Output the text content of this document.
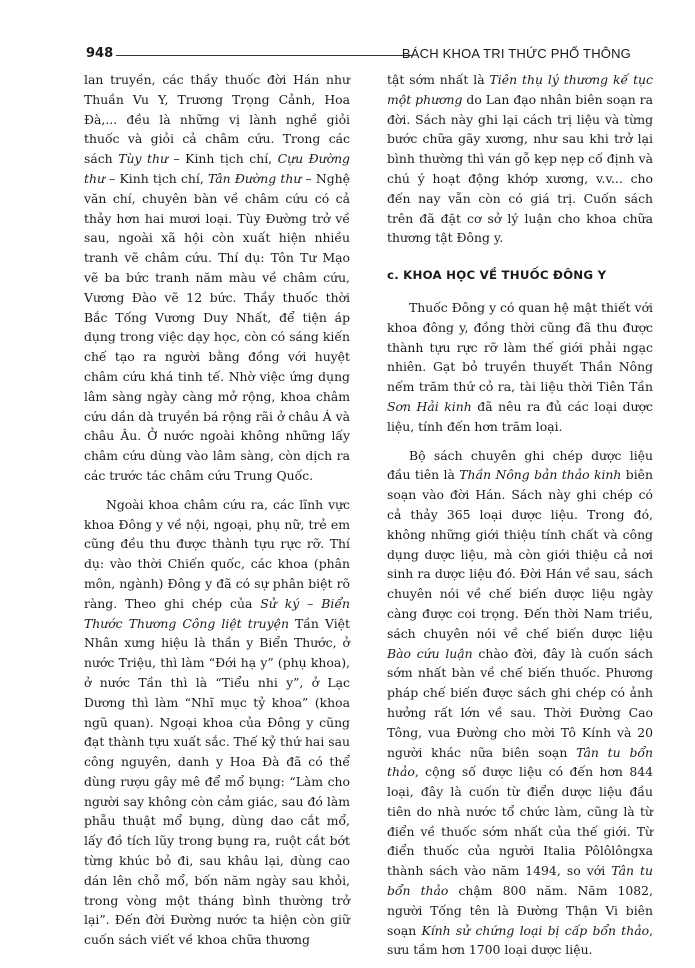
948	BÁCH KHOA TRI THỨC PHỔ THÔNG

lan truyền, các thầy thuốc đời Hán như Thuần Vu Y, Trương Trọng Cảnh, Hoa Đà,... đều là những vị lành nghề giỏi thuốc và giỏi cả châm cứu. Trong các sách Tùy thư – Kinh tịch chí, Cựu Đường thư – Kinh tịch chí, Tân Đường thư – Nghệ văn chí, chuyên bàn về châm cứu có cả thảy hơn hai mươi loại. Tùy Đường trở về sau, ngoài xã hội còn xuất hiện nhiều tranh vẽ châm cứu. Thí dụ: Tôn Tư Mạo vẽ ba bức tranh năm màu về châm cứu, Vương Đào vẽ 12 bức. Thầy thuốc thời Bắc Tống Vương Duy Nhất, để tiện áp dụng trong việc dạy học, còn có sáng kiến chế tạo ra người bằng đồng với huyệt châm cứu khá tinh tế. Nhờ việc ứng dụng lâm sàng ngày càng mở rộng, khoa châm cứu dần dà truyền bá rộng rãi ở châu Á và châu Âu. Ở nước ngoài không những lấy châm cứu dùng vào lâm sàng, còn dịch ra các trước tác châm cứu Trung Quốc.

Ngoài khoa châm cứu ra, các lĩnh vực khoa Đông y về nội, ngoại, phụ nữ, trẻ em cũng đều thu được thành tựu rực rỡ. Thí dụ: vào thời Chiến quốc, các khoa (phân môn, ngành) Đông y đã có sự phân biệt rõ ràng. Theo ghi chép của Sử ký – Biển Thước Thương Công liệt truyện Tần Việt Nhân xưng hiệu là thần y Biển Thước, ở nước Triệu, thì làm “Đới hạ y” (phụ khoa), ở nước Tần thì là “Tiểu nhi y”, ở Lạc Dương thì làm “Nhĩ mục tỷ khoa” (khoa ngũ quan). Ngoại khoa của Đông y cũng đạt thành tựu xuất sắc. Thế kỷ thứ hai sau công nguyên, danh y Hoa Đà đã có thể dùng rượu gây mê để mổ bụng: “Làm cho người say không còn cảm giác, sau đó làm phẫu thuật mổ bụng, dùng dao cắt mổ, lấy đồ tích lũy trong bụng ra, ruột cắt bớt từng khúc bỏ đi, sau khâu lại, dùng cao dán lên chỗ mổ, bốn năm ngày sau khỏi, trong vòng một tháng bình thường trở lại”. Đến đời Đường nước ta hiện còn giữ cuốn sách viết về khoa chữa thương

tật sớm nhất là Tiên thụ lý thương kế tục một phương do Lan đạo nhân biên soạn ra đời. Sách này ghi lại cách trị liệu và từng bước chữa gãy xương, như sau khi trở lại bình thường thì ván gỗ kẹp nẹp cố định và chú ý hoạt động khớp xương, v.v... cho đến nay vẫn còn có giá trị. Cuốn sách trên đã đặt cơ sở lý luận cho khoa chữa thương tật Đông y.

c. KHOA HỌC VỀ THUỐC ĐÔNG Y

Thuốc Đông y có quan hệ mật thiết với khoa đông y, đồng thời cũng đã thu được thành tựu rực rỡ làm thế giới phải ngạc nhiên. Gạt bỏ truyền thuyết Thần Nông nếm trăm thứ cỏ ra, tài liệu thời Tiên Tần Sơn Hải kinh đã nêu ra đủ các loại dược liệu, tính đến hơn trăm loại.

Bộ sách chuyên ghi chép dược liệu đầu tiên là Thần Nông bản thảo kinh biên soạn vào đời Hán. Sách này ghi chép có cả thảy 365 loại dược liệu. Trong đó, không những giới thiệu tính chất và công dụng dược liệu, mà còn giới thiệu cả nơi sinh ra dược liệu đó. Đời Hán về sau, sách chuyên nói về chế biến dược liệu ngày càng được coi trọng. Đến thời Nam triều, sách chuyên nói về chế biến dược liệu Bào cứu luận chào đời, đây là cuốn sách sớm nhất bàn về chế biến thuốc. Phương pháp chế biến được sách ghi chép có ảnh hưởng rất lớn về sau. Thời Đường Cao Tông, vua Đường cho mời Tô Kính và 20 người khác nữa biên soạn Tân tu bổn thảo, cộng số dược liệu có đến hơn 844 loại, đây là cuốn từ điển dược liệu đầu tiên do nhà nước tổ chức làm, cũng là từ điển về thuốc sớm nhất của thế giới. Từ điển thuốc của người Italia Pôlôlôngxa thành sách vào năm 1494, so với Tân tu bổn thảo chậm 800 năm. Năm 1082, người Tống tên là Đường Thận Vi biên soạn Kính sử chứng loại bị cấp bổn thảo, sưu tầm hơn 1700 loại dược liệu.
